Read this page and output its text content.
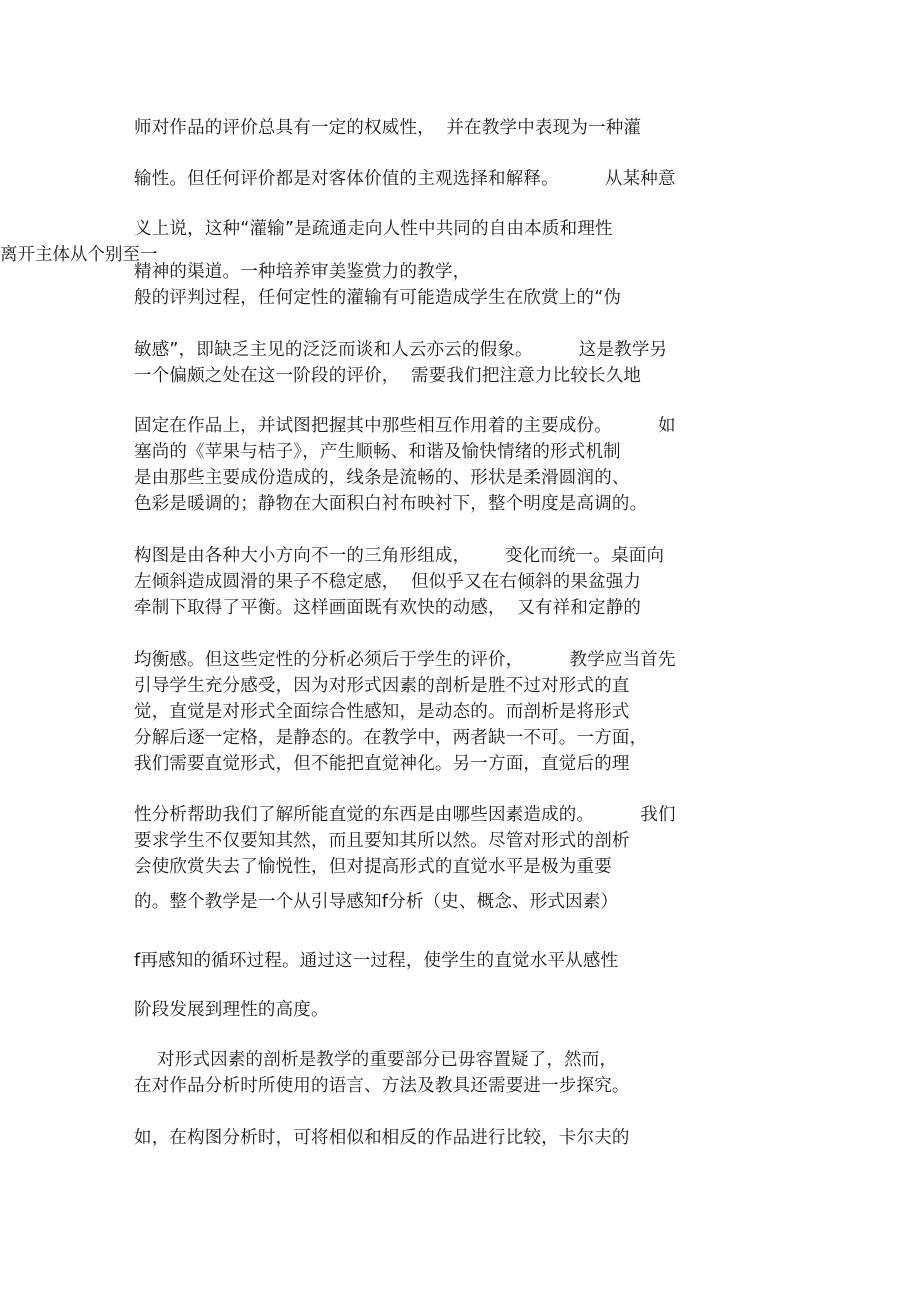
离开主体从个别至一
师对作品的评价总具有一定的权威性，  并在教学中表现为一种灌
输性。但任何评价都是对客体价值的主观选择和解释。        从某种意
义上说，这种“灌输”是疏通走向人性中共同的自由本质和理性
精神的渠道。一种培养审美鉴赏力的教学，
般的评判过程，任何定性的灌输有可能造成学生在欣赏上的“伪
敏感”，即缺乏主见的泛泛而谈和人云亦云的假象。        这是教学另
一个偏颇之处在这一阶段的评价，  需要我们把注意力比较长久地
固定在作品上，并试图把握其中那些相互作用着的主要成份。        如
塞尚的《苹果与桔子》，产生顺畅、和谐及愉快情绪的形式机制
是由那些主要成份造成的，线条是流畅的、形状是柔滑圆润的、
色彩是暖调的；静物在大面积白衬布映衬下，整个明度是高调的。
构图是由各种大小方向不一的三角形组成，      变化而统一。桌面向
左倾斜造成圆滑的果子不稳定感，  但似乎又在右倾斜的果盆强力
牵制下取得了平衡。这样画面既有欢快的动感，  又有祥和定静的
均衡感。但这些定性的分析必须后于学生的评价，        教学应当首先
引导学生充分感受，因为对形式因素的剖析是胜不过对形式的直
觉，直觉是对形式全面综合性感知，是动态的。而剖析是将形式
分解后逐一定格，是静态的。在教学中，两者缺一不可。一方面，
我们需要直觉形式，但不能把直觉神化。另一方面，直觉后的理
性分析帮助我们了解所能直觉的东西是由哪些因素造成的。        我们
要求学生不仅要知其然，而且要知其所以然。尽管对形式的剖析
会使欣赏失去了愉悦性，但对提高形式的直觉水平是极为重要
的。整个教学是一个从引导感知f分析（史、概念、形式因素）
f再感知的循环过程。通过这一过程，使学生的直觉水平从感性
阶段发展到理性的高度。
对形式因素的剖析是教学的重要部分已毋容置疑了，然而，
在对作品分析时所使用的语言、方法及教具还需要进一步探究。
如，在构图分析时，可将相似和相反的作品进行比较，卡尔夫的
